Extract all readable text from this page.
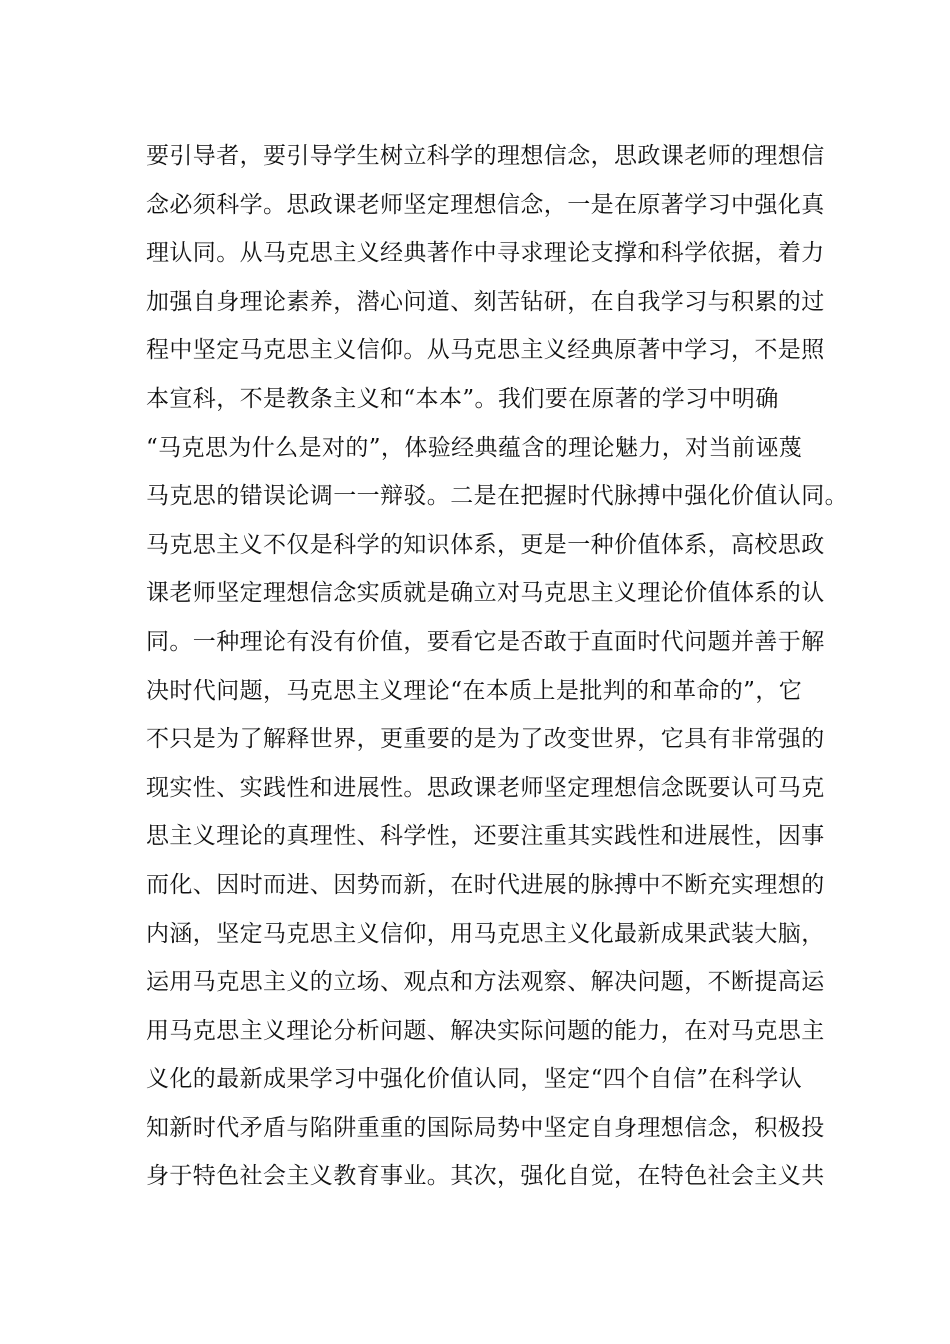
要引导者，要引导学生树立科学的理想信念，思政课老师的理想信
念必须科学。思政课老师坚定理想信念，一是在原著学习中强化真
理认同。从马克思主义经典著作中寻求理论支撑和科学依据，着力
加强自身理论素养，潜心问道、刻苦钻研，在自我学习与积累的过
程中坚定马克思主义信仰。从马克思主义经典原著中学习，不是照
本宣科，不是教条主义和“本本”。我们要在原著的学习中明确
“马克思为什么是对的”，体验经典蕴含的理论魅力，对当前诬蔑
马克思的错误论调一一辩驳。二是在把握时代脉搏中强化价值认同。
马克思主义不仅是科学的知识体系，更是一种价值体系，高校思政
课老师坚定理想信念实质就是确立对马克思主义理论价值体系的认
同。一种理论有没有价值，要看它是否敢于直面时代问题并善于解
决时代问题，马克思主义理论“在本质上是批判的和革命的”，它
不只是为了解释世界，更重要的是为了改变世界，它具有非常强的
现实性、实践性和进展性。思政课老师坚定理想信念既要认可马克
思主义理论的真理性、科学性，还要注重其实践性和进展性，因事
而化、因时而进、因势而新，在时代进展的脉搏中不断充实理想的
内涵，坚定马克思主义信仰，用马克思主义化最新成果武装大脑，
运用马克思主义的立场、观点和方法观察、解决问题，不断提高运
用马克思主义理论分析问题、解决实际问题的能力，在对马克思主
义化的最新成果学习中强化价值认同，坚定“四个自信”在科学认
知新时代矛盾与陷阱重重的国际局势中坚定自身理想信念，积极投
身于特色社会主义教育事业。其次，强化自觉，在特色社会主义共
